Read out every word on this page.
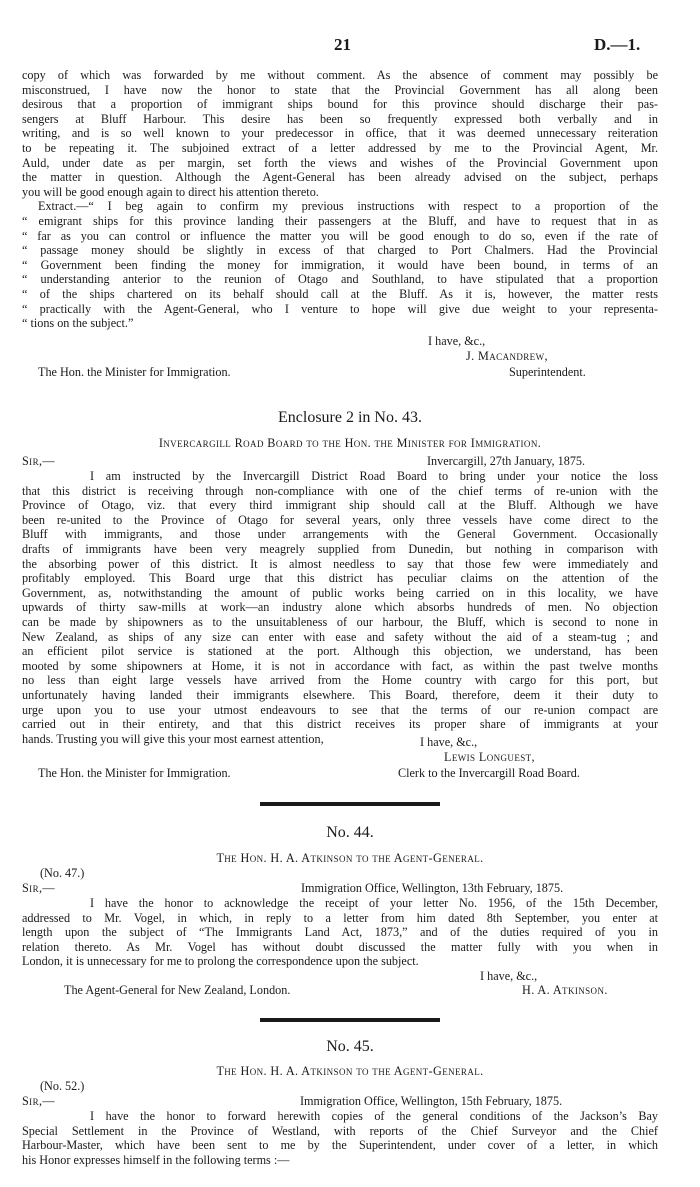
21	D.—1.
copy of which was forwarded by me without comment. As the absence of comment may possibly be
misconstrued, I have now the honor to state that the Provincial Government has all along been
desirous that a proportion of immigrant ships bound for this province should discharge their pas-
sengers at Bluff Harbour. This desire has been so frequently expressed both verbally and in
writing, and is so well known to your predecessor in office, that it was deemed unnecessary reiteration
to be repeating it. The subjoined extract of a letter addressed by me to the Provincial Agent, Mr.
Auld, under date as per margin, set forth the views and wishes of the Provincial Government upon
the matter in question. Although the Agent-General has been already advised on the subject, perhaps
you will be good enough again to direct his attention thereto.
Extract.—“ I beg again to confirm my previous instructions with respect to a proportion of the
“ emigrant ships for this province landing their passengers at the Bluff, and have to request that in as
“ far as you can control or influence the matter you will be good enough to do so, even if the rate of
“ passage money should be slightly in excess of that charged to Port Chalmers. Had the Provincial
“ Government been finding the money for immigration, it would have been bound, in terms of an
“ understanding anterior to the reunion of Otago and Southland, to have stipulated that a proportion
“ of the ships chartered on its behalf should call at the Bluff. As it is, however, the matter rests
“ practically with the Agent-General, who I venture to hope will give due weight to your representa-
“ tions on the subject.”
I have, &c.,
J. Macandrew,
The Hon. the Minister for Immigration.	Superintendent.
Enclosure 2 in No. 43.
Invercargill Road Board to the Hon. the Minister for Immigration.
Sir,—	Invercargill, 27th January, 1875.
I am instructed by the Invercargill District Road Board to bring under your notice the loss
that this district is receiving through non-compliance with one of the chief terms of re-union with the
Province of Otago, viz. that every third immigrant ship should call at the Bluff. Although we have
been re-united to the Province of Otago for several years, only three vessels have come direct to the
Bluff with immigrants, and those under arrangements with the General Government. Occasionally
drafts of immigrants have been very meagrely supplied from Dunedin, but nothing in comparison with
the absorbing power of this district. It is almost needless to say that those few were immediately and
profitably employed. This Board urge that this district has peculiar claims on the attention of the
Government, as, notwithstanding the amount of public works being carried on in this locality, we have
upwards of thirty saw-mills at work—an industry alone which absorbs hundreds of men. No objection
can be made by shipowners as to the unsuitableness of our harbour, the Bluff, which is second to none in
New Zealand, as ships of any size can enter with ease and safety without the aid of a steam-tug ; and
an efficient pilot service is stationed at the port. Although this objection, we understand, has been
mooted by some shipowners at Home, it is not in accordance with fact, as within the past twelve months
no less than eight large vessels have arrived from the Home country with cargo for this port, but
unfortunately having landed their immigrants elsewhere. This Board, therefore, deem it their duty to
urge upon you to use your utmost endeavours to see that the terms of our re-union compact are
carried out in their entirety, and that this district receives its proper share of immigrants at your
hands. Trusting you will give this your most earnest attention,	I have, &c.,
Lewis Longuest,
The Hon. the Minister for Immigration.	Clerk to the Invercargill Road Board.
No. 44.
The Hon. H. A. Atkinson to the Agent-General.
(No. 47.)
Sir,—	Immigration Office, Wellington, 13th February, 1875.
I have the honor to acknowledge the receipt of your letter No. 1956, of the 15th December,
addressed to Mr. Vogel, in which, in reply to a letter from him dated 8th September, you enter at
length upon the subject of “The Immigrants Land Act, 1873,” and of the duties required of you in
relation thereto. As Mr. Vogel has without doubt discussed the matter fully with you when in
London, it is unnecessary for me to prolong the correspondence upon the subject.
I have, &c.,
The Agent-General for New Zealand, London.	H. A. Atkinson.
No. 45.
The Hon. H. A. Atkinson to the Agent-General.
(No. 52.)
Sir,—	Immigration Office, Wellington, 15th February, 1875.
I have the honor to forward herewith copies of the general conditions of the Jackson’s Bay
Special Settlement in the Province of Westland, with reports of the Chief Surveyor and the Chief
Harbour-Master, which have been sent to me by the Superintendent, under cover of a letter, in which
his Honor expresses himself in the following terms :—
